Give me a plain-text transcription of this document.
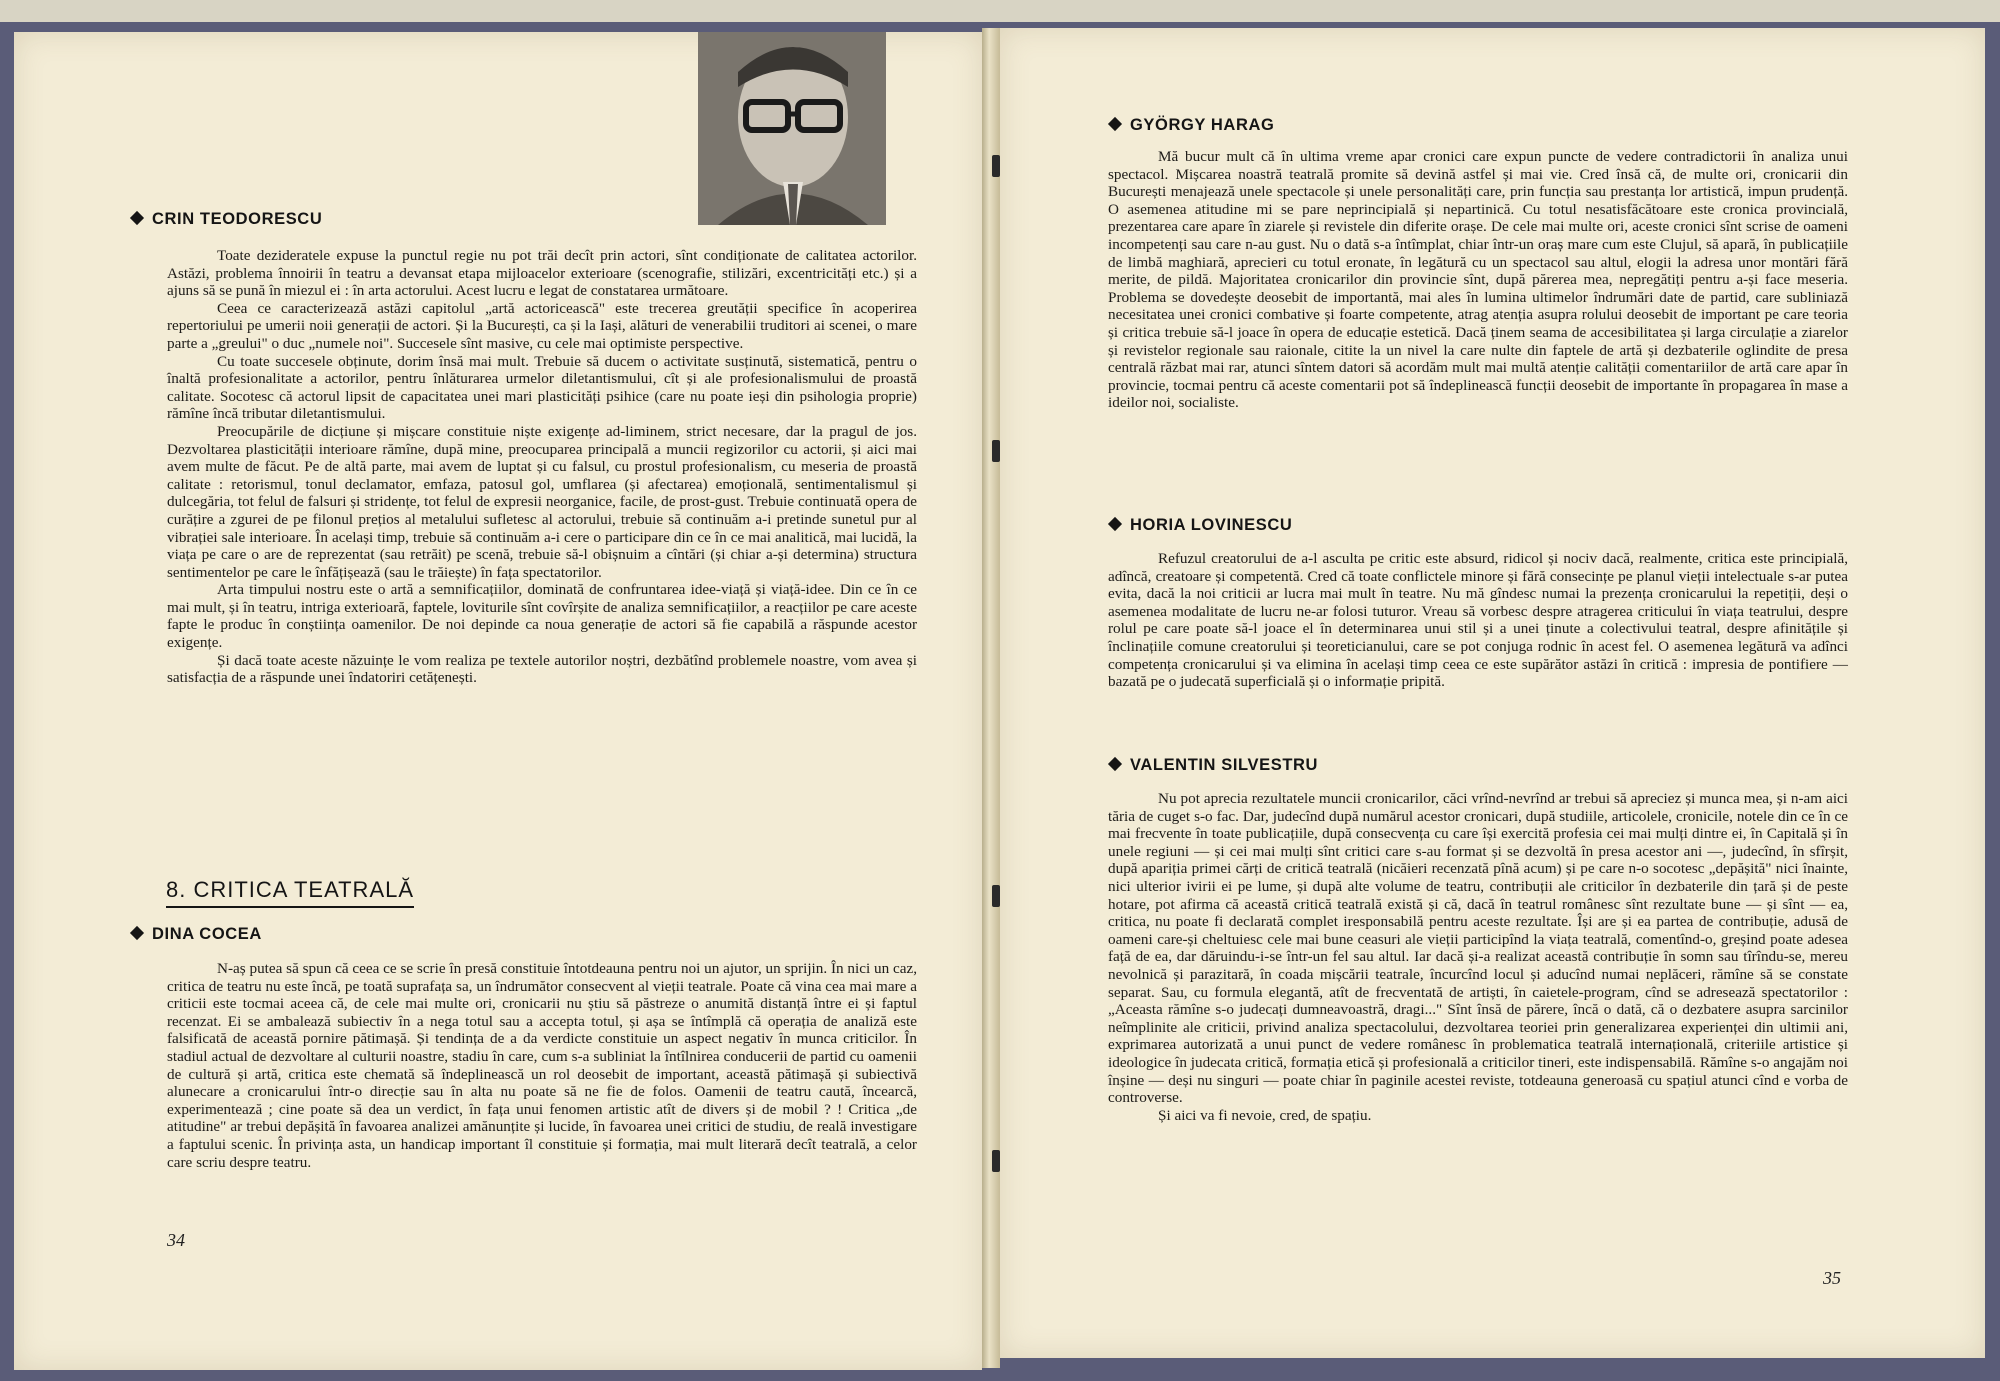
CRIN TEODORESCU

Toate dezideratele expuse la punctul regie nu pot trăi decît prin actori, sînt condiționate de calitatea actorilor. Astăzi, problema înnoirii în teatru a devansat etapa mijloacelor exterioare (scenografie, stilizări, excentricități etc.) și a ajuns să se pună în miezul ei : în arta actorului. Acest lucru e legat de constatarea următoare.

Ceea ce caracterizează astăzi capitolul „artă actoricească" este trecerea greutății specifice în acoperirea repertoriului pe umerii noii generații de actori. Și la București, ca și la Iași, alături de venerabilii truditori ai scenei, o mare parte a „greului" o duc „numele noi". Succesele sînt masive, cu cele mai optimiste perspective.

Cu toate succesele obținute, dorim însă mai mult. Trebuie să ducem o activitate susținută, sistematică, pentru o înaltă profesionalitate a actorilor, pentru înlăturarea urmelor diletantismului, cît și ale profesionalismului de proastă calitate. Socotesc că actorul lipsit de capacitatea unei mari plasticități psihice (care nu poate ieși din psihologia proprie) rămîne încă tributar diletantismului.

Preocupările de dicțiune și mișcare constituie niște exigențe ad-liminem, strict necesare, dar la pragul de jos. Dezvoltarea plasticității interioare rămîne, după mine, preocuparea principală a muncii regizorilor cu actorii, și aici mai avem multe de făcut. Pe de altă parte, mai avem de luptat și cu falsul, cu prostul profesionalism, cu meseria de proastă calitate : retorismul, tonul declamator, emfaza, patosul gol, umflarea (și afectarea) emoțională, sentimentalismul și dulcegăria, tot felul de falsuri și stridențe, tot felul de expresii neorganice, facile, de prost-gust. Trebuie continuată opera de curățire a zgurei de pe filonul prețios al metalului sufletesc al actorului, trebuie să continuăm a-i pretinde sunetul pur al vibrației sale interioare. În același timp, trebuie să continuăm a-i cere o participare din ce în ce mai analitică, mai lucidă, la viața pe care o are de reprezentat (sau retrăit) pe scenă, trebuie să-l obișnuim a cîntări (și chiar a-și determina) structura sentimentelor pe care le înfățișează (sau le trăiește) în fața spectatorilor.

Arta timpului nostru este o artă a semnificațiilor, dominată de confruntarea idee-viață și viață-idee. Din ce în ce mai mult, și în teatru, intriga exterioară, faptele, loviturile sînt covîrșite de analiza semnificațiilor, a reacțiilor pe care aceste fapte le produc în conștiința oamenilor. De noi depinde ca noua generație de actori să fie capabilă a răspunde acestor exigențe.

Și dacă toate aceste năzuințe le vom realiza pe textele autorilor noștri, dezbătînd problemele noastre, vom avea și satisfacția de a răspunde unei îndatoriri cetățenești.

8. CRITICA TEATRALĂ
DINA COCEA

N-aș putea să spun că ceea ce se scrie în presă constituie întotdeauna pentru noi un ajutor, un sprijin. În nici un caz, critica de teatru nu este încă, pe toată suprafața sa, un îndrumător consecvent al vieții teatrale. Poate că vina cea mai mare a criticii este tocmai aceea că, de cele mai multe ori, cronicarii nu știu să păstreze o anumită distanță între ei și faptul recenzat. Ei se ambalează subiectiv în a nega totul sau a accepta totul, și așa se întîmplă că operația de analiză este falsificată de această pornire pătimașă. Și tendința de a da verdicte constituie un aspect negativ în munca criticilor. În stadiul actual de dezvoltare al culturii noastre, stadiu în care, cum s-a subliniat la întîlnirea conducerii de partid cu oamenii de cultură și artă, critica este chemată să îndeplinească un rol deosebit de important, această pătimașă și subiectivă alunecare a cronicarului într-o direcție sau în alta nu poate să ne fie de folos. Oamenii de teatru caută, încearcă, experimentează ; cine poate să dea un verdict, în fața unui fenomen artistic atît de divers și de mobil ? ! Critica „de atitudine" ar trebui depășită în favoarea analizei amănunțite și lucide, în favoarea unei critici de studiu, de reală investigare a faptului scenic. În privința asta, un handicap important îl constituie și formația, mai mult literară decît teatrală, a celor care scriu despre teatru.

34
GYÖRGY HARAG

Mă bucur mult că în ultima vreme apar cronici care expun puncte de vedere contradictorii în analiza unui spectacol. Mișcarea noastră teatrală promite să devină astfel și mai vie. Cred însă că, de multe ori, cronicarii din București menajează unele spectacole și unele personalități care, prin funcția sau prestanța lor artistică, impun prudență. O asemenea atitudine mi se pare neprincipială și nepartinică. Cu totul nesatisfăcătoare este cronica provincială, prezentarea care apare în ziarele și revistele din diferite orașe. De cele mai multe ori, aceste cronici sînt scrise de oameni incompetenți sau care n-au gust. Nu o dată s-a întîmplat, chiar într-un oraș mare cum este Clujul, să apară, în publicațiile de limbă maghiară, aprecieri cu totul eronate, în legătură cu un spectacol sau altul, elogii la adresa unor montări fără merite, de pildă. Majoritatea cronicarilor din provincie sînt, după părerea mea, nepregătiți pentru a-și face meseria. Problema se dovedește deosebit de importantă, mai ales în lumina ultimelor îndrumări date de partid, care subliniază necesitatea unei cronici combative și foarte competente, atrag atenția asupra rolului deosebit de important pe care teoria și critica trebuie să-l joace în opera de educație estetică. Dacă ținem seama de accesibilitatea și larga circulație a ziarelor și revistelor regionale sau raionale, citite la un nivel la care nulte din faptele de artă și dezbaterile oglindite de presa centrală răzbat mai rar, atunci sîntem datori să acordăm mult mai multă atenție calității comentariilor de artă care apar în provincie, tocmai pentru că aceste comentarii pot să îndeplinească funcții deosebit de importante în propagarea în mase a ideilor noi, socialiste.

HORIA LOVINESCU

Refuzul creatorului de a-l asculta pe critic este absurd, ridicol și nociv dacă, realmente, critica este principială, adîncă, creatoare și competentă. Cred că toate conflictele minore și fără consecințe pe planul vieții intelectuale s-ar putea evita, dacă la noi criticii ar lucra mai mult în teatre. Nu mă gîndesc numai la prezența cronicarului la repetiții, deși o asemenea modalitate de lucru ne-ar folosi tuturor. Vreau să vorbesc despre atragerea criticului în viața teatrului, despre rolul pe care poate să-l joace el în determinarea unui stil și a unei ținute a colectivului teatral, despre afinitățile și înclinațiile comune creatorului și teoreticianului, care se pot conjuga rodnic în acest fel. O asemenea legătură va adînci competența cronicarului și va elimina în același timp ceea ce este supărător astăzi în critică : impresia de pontifiere — bazată pe o judecată superficială și o informație pripită.

VALENTIN SILVESTRU

Nu pot aprecia rezultatele muncii cronicarilor, căci vrînd-nevrînd ar trebui să apreciez și munca mea, și n-am aici tăria de cuget s-o fac. Dar, judecînd după numărul acestor cronicari, după studiile, articolele, cronicile, notele din ce în ce mai frecvente în toate publicațiile, după consecvența cu care își exercită profesia cei mai mulți dintre ei, în Capitală și în unele regiuni — și cei mai mulți sînt critici care s-au format și se dezvoltă în presa acestor ani —, judecînd, în sfîrșit, după apariția primei cărți de critică teatrală (nicăieri recenzată pînă acum) și pe care n-o socotesc „depășită" nici înainte, nici ulterior ivirii ei pe lume, și după alte volume de teatru, contribuții ale criticilor în dezbaterile din țară și de peste hotare, pot afirma că această critică teatrală există și că, dacă în teatrul românesc sînt rezultate bune — și sînt — ea, critica, nu poate fi declarată complet iresponsabilă pentru aceste rezultate. Își are și ea partea de contribuție, adusă de oameni care-și cheltuiesc cele mai bune ceasuri ale vieții participînd la viața teatrală, comentînd-o, greșind poate adesea față de ea, dar dăruindu-i-se într-un fel sau altul. Iar dacă și-a realizat această contribuție în somn sau tîrîndu-se, mereu nevolnică și parazitară, în coada mișcării teatrale, încurcînd locul și aducînd numai neplăceri, rămîne să se constate separat. Sau, cu formula elegantă, atît de frecventată de artiști, în caietele-program, cînd se adresează spectatorilor : „Aceasta rămîne s-o judecați dumneavoastră, dragi..." Sînt însă de părere, încă o dată, că o dezbatere asupra sarcinilor neîmplinite ale criticii, privind analiza spectacolului, dezvoltarea teoriei prin generalizarea experienței din ultimii ani, exprimarea autorizată a unui punct de vedere românesc în problematica teatrală internațională, criteriile artistice și ideologice în judecata critică, formația etică și profesională a criticilor tineri, este indispensabilă. Rămîne s-o angajăm noi înșine — deși nu singuri — poate chiar în paginile acestei reviste, totdeauna generoasă cu spațiul atunci cînd e vorba de controverse.

Și aici va fi nevoie, cred, de spațiu.

35
